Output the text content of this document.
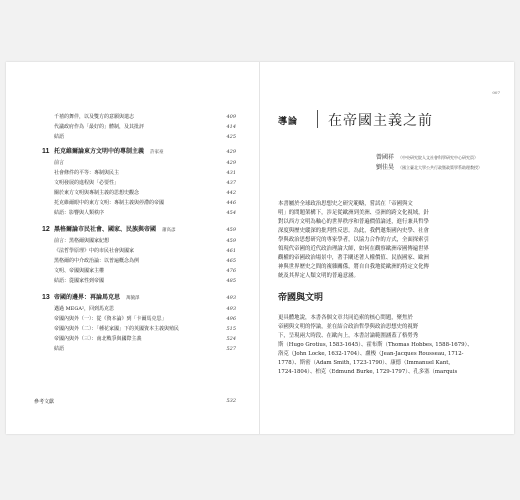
千禧的舞佯，以及雙方的意願與遣志	409
代議政府作為「最好的」體制，及其批評	414
結語	425
11 托克維爾論東方文明中的專制主義 許家豪	429
前言	429
社會條件的平等：專制與民主	431
文明發展的進程與「必要性」	437
關於東方文明與專制主義的思想史觀念	442
托克維爾眼中的東方文明：專制主義與停滯的帝國	446
結語：影響與人類秩序	454
12 黑格爾論市民社會、國家、民族與帝國 蕭高彥	459
前言：黑格爾與國家紀想	459
《法哲學原理》中的市民社會與國家	461
黑格爾的中介政治論：以普遍概念為例	465
文明、帝國與國家主權	476
結語：從國家性到帝國	485
13 帝國的邊界：再論馬克思 萬毓澤	493
邁過 MEGA²，回到馬克思	493
帝國內與外（一）：從《資本論》到「卡爾馬克思」	496
帝國內與外（二）：「種花家國」下的英國資本主義與殖民	515
帝國內與外（三）：南北戰爭與國際主義	524
結語	527
參考文獻	532
007
導論 在帝國主義之前
曾國祥 （中央研究院人文社會科學研究中心研究員）
劉佳昊 （國立臺北大學公共行政暨政策學系助理教授）
本書屬於全球政治思想史之研究範疇，嘗試在「帝國與文
明」的問題架構下，涉足從歐洲到美洲、亞洲的跨文化視域，針
對以西方文明為軸心的世界秩序和普遍價值論述，進行兼具哲學
深度與歷史縱深的批判性反思。為此，我們邀集國內史學、社會
學與政治思想研究的專家學者，以協力合作的方式，全面探索引
領現代帝國的近代政治理論大師，如何在觀察歐洲帝國傳遍世界
觀權的帝國政治場景中，著手闡述著人權價值、民族國家、歐洲
神與世界歷史之間的複雜關係，將自自我地從歐洲的特定文化傳
統及其界定人類文明的普遍意涵。
帝國與文明
更具體地說，本書各個文章共同追索的核心問題，聚焦於
帝國與文明的悖論，並在結合政治哲學與政治思想史的視野
下，呈現兩大時段、在歐內上，本書討論範圍涵蓋了格勞秀
斯（Hugo Grotius, 1583-1645）、霍布斯（Thomas Hobbes, 1588-1679）、
洛克（John Locke, 1632-1704）、盧梭（Jean-Jacques Rousseau, 1712-
1778）、斯密（Adam Smith, 1723-1790）、康德（Immanuel Kant,
1724-1804）、柏克（Edmund Burke, 1729-1797）、孔多塞（marquis
